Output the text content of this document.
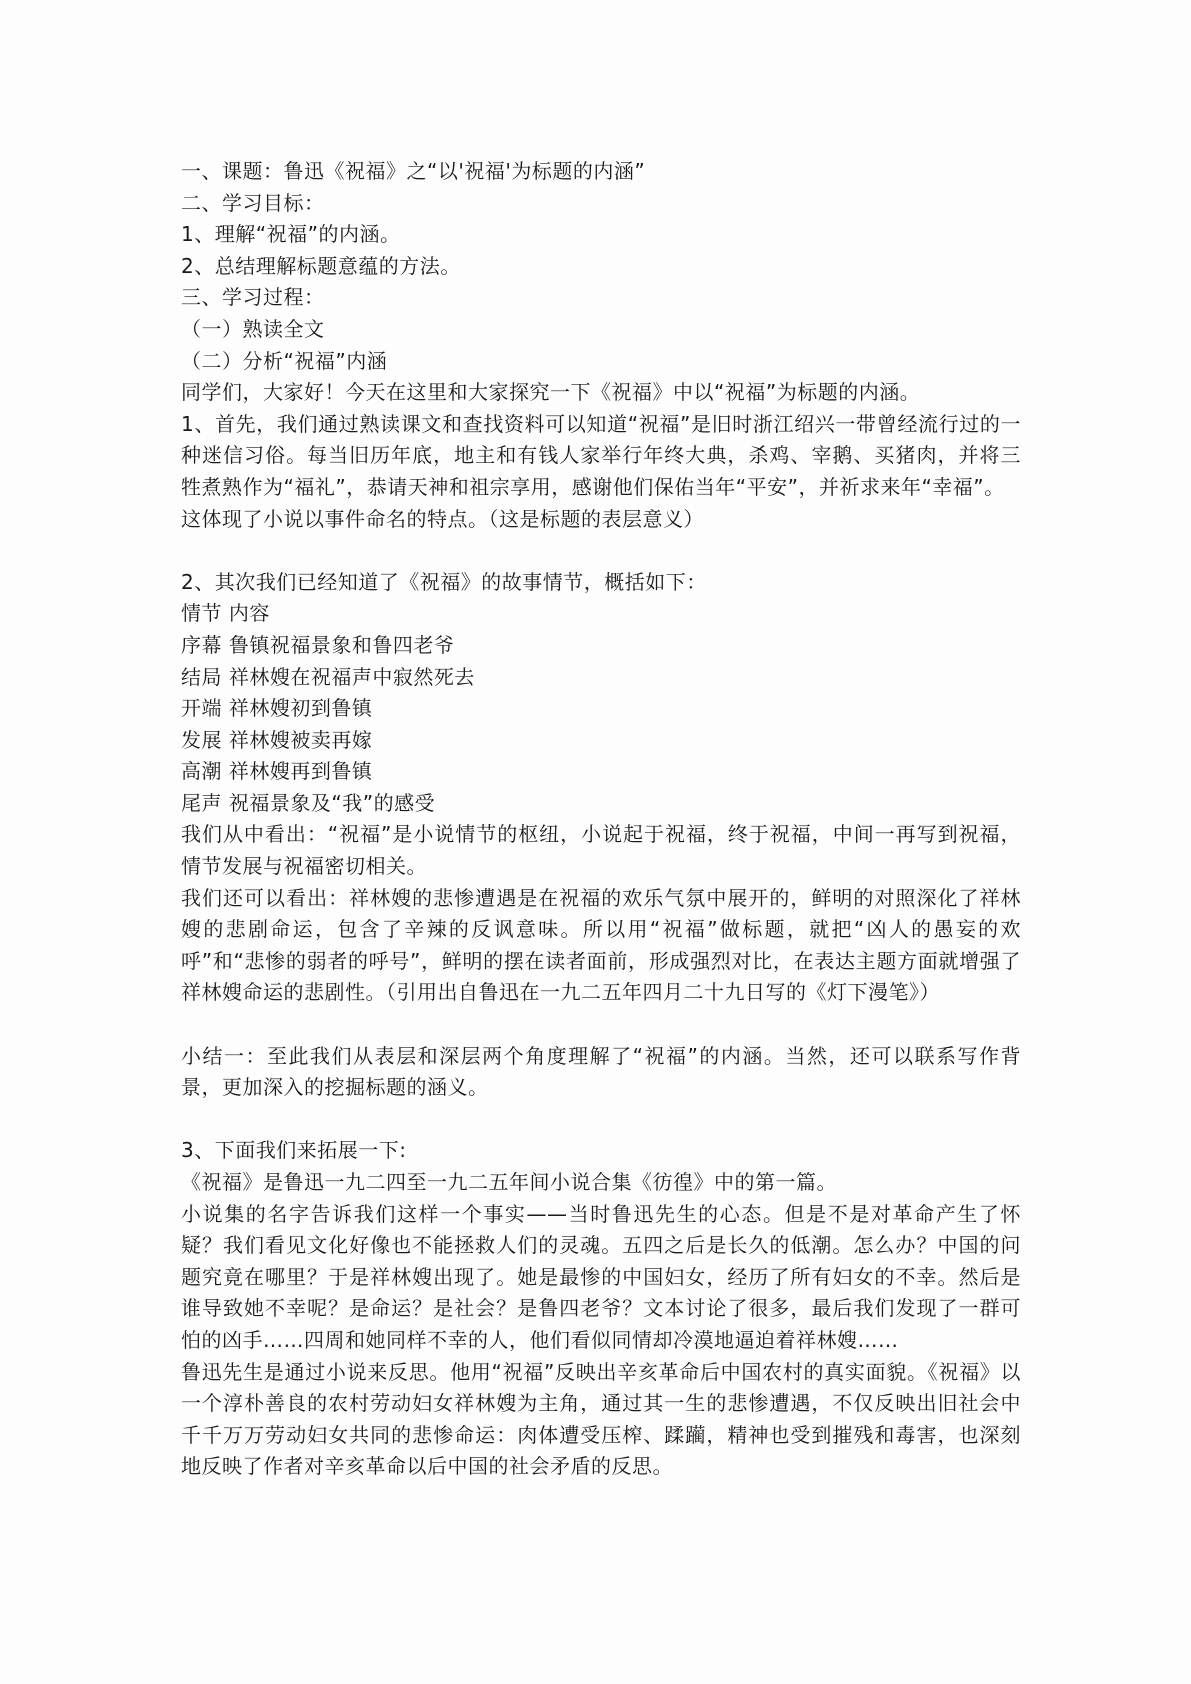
一、课题：鲁迅《祝福》之“以'祝福'为标题的内涵”

二、学习目标：

1、理解“祝福”的内涵。

2、总结理解标题意蕴的方法。

三、学习过程：

（一）熟读全文

（二）分析“祝福”内涵

同学们，大家好！今天在这里和大家探究一下《祝福》中以“祝福”为标题的内涵。

1、首先，我们通过熟读课文和查找资料可以知道“祝福”是旧时浙江绍兴一带曾经流行过的一种迷信习俗。每当旧历年底，地主和有钱人家举行年终大典，杀鸡、宰鹅、买猪肉，并将三牲煮熟作为“福礼”，恭请天神和祖宗享用，感谢他们保佑当年“平安”，并祈求来年“幸福”。

这体现了小说以事件命名的特点。（这是标题的表层意义）

2、其次我们已经知道了《祝福》的故事情节，概括如下：

情节 内容

序幕 鲁镇祝福景象和鲁四老爷

结局 祥林嫂在祝福声中寂然死去

开端 祥林嫂初到鲁镇

发展 祥林嫂被卖再嫁

高潮 祥林嫂再到鲁镇

尾声 祝福景象及“我”的感受

我们从中看出：“祝福”是小说情节的枢纽，小说起于祝福，终于祝福，中间一再写到祝福，情节发展与祝福密切相关。

我们还可以看出：祥林嫂的悲惨遭遇是在祝福的欢乐气氛中展开的，鲜明的对照深化了祥林嫂的悲剧命运，包含了辛辣的反讽意味。所以用“祝福”做标题，就把“凶人的愚妄的欢呼”和“悲惨的弱者的呼号”，鲜明的摆在读者面前，形成强烈对比，在表达主题方面就增强了祥林嫂命运的悲剧性。（引用出自鲁迅在一九二五年四月二十九日写的《灯下漫笔》）

小结一：至此我们从表层和深层两个角度理解了“祝福”的内涵。当然，还可以联系写作背景，更加深入的挖掘标题的涵义。

3、下面我们来拓展一下:

《祝福》是鲁迅一九二四至一九二五年间小说合集《彷徨》中的第一篇。

小说集的名字告诉我们这样一个事实——当时鲁迅先生的心态。但是不是对革命产生了怀疑？我们看见文化好像也不能拯救人们的灵魂。五四之后是长久的低潮。怎么办？中国的问题究竟在哪里？于是祥林嫂出现了。她是最惨的中国妇女，经历了所有妇女的不幸。然后是谁导致她不幸呢？是命运？是社会？是鲁四老爷？文本讨论了很多，最后我们发现了一群可怕的凶手……四周和她同样不幸的人，他们看似同情却冷漠地逼迫着祥林嫂……

鲁迅先生是通过小说来反思。他用“祝福”反映出辛亥革命后中国农村的真实面貌。《祝福》以一个淳朴善良的农村劳动妇女祥林嫂为主角，通过其一生的悲惨遭遇，不仅反映出旧社会中千千万万劳动妇女共同的悲惨命运：肉体遭受压榨、蹂躏，精神也受到摧残和毒害，也深刻地反映了作者对辛亥革命以后中国的社会矛盾的反思。
